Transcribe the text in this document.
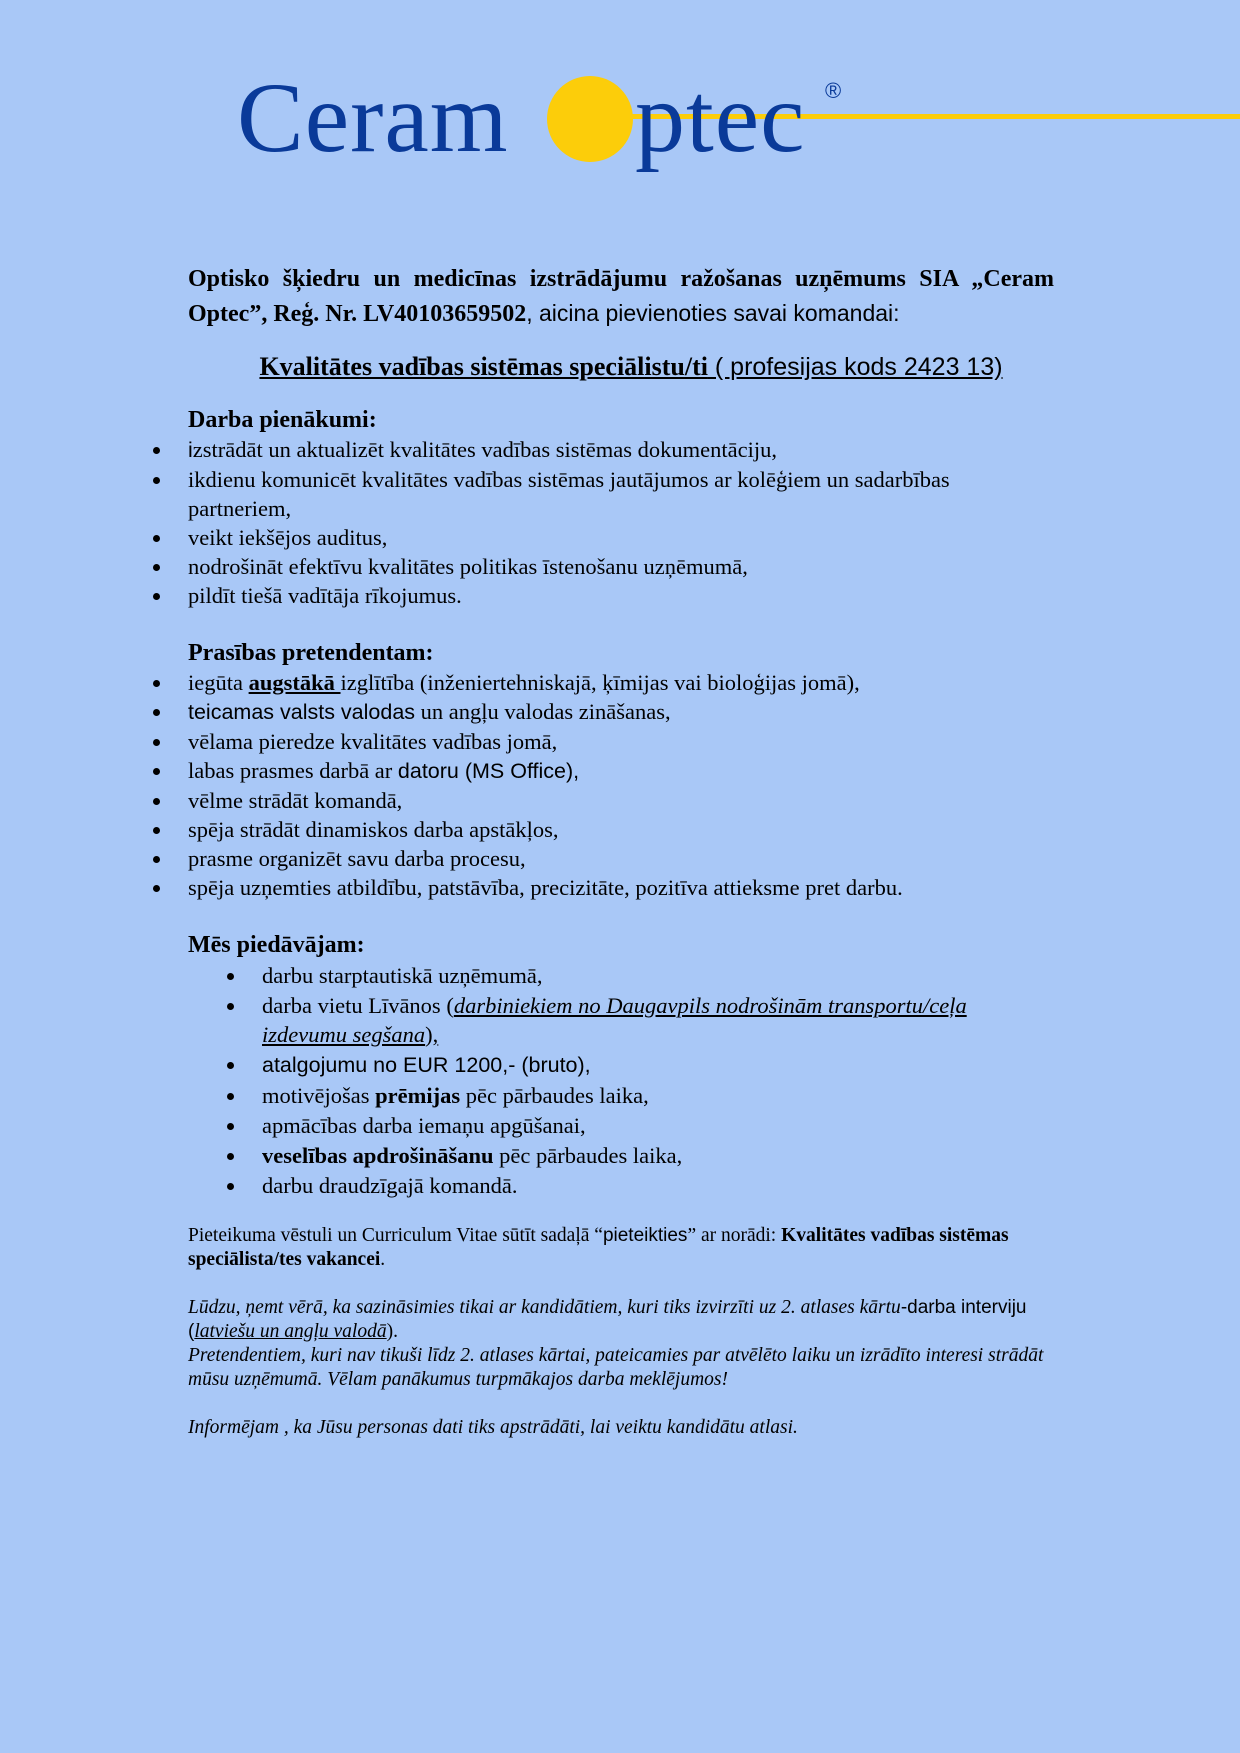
Ceram ptec ®

Optisko šķiedru un medicīnas izstrādājumu ražošanas uzņēmums SIA „Ceram Optec”, Reģ. Nr. LV40103659502, aicina pievienoties savai komandai:

Kvalitātes vadības sistēmas speciālistu/ti ( profesijas kods 2423 13)

Darba pienākumi:

izstrādāt un aktualizēt kvalitātes vadības sistēmas dokumentāciju,
ikdienu komunicēt kvalitātes vadības sistēmas jautājumos ar kolēģiem un sadarbības partneriem,
veikt iekšējos auditus,
nodrošināt efektīvu kvalitātes politikas īstenošanu uzņēmumā,
pildīt tiešā vadītāja rīkojumus.

Prasības pretendentam:

iegūta augstākā izglītība (inženiertehniskajā, ķīmijas vai bioloģijas jomā),
teicamas valsts valodas un angļu valodas zināšanas,
vēlama pieredze kvalitātes vadības jomā,
labas prasmes darbā ar datoru (MS Office),
vēlme strādāt komandā,
spēja strādāt dinamiskos darba apstākļos,
prasme organizēt savu darba procesu,
spēja uzņemties atbildību, patstāvība, precizitāte, pozitīva attieksme pret darbu.

Mēs piedāvājam:

darbu starptautiskā uzņēmumā,
darba vietu Līvānos (darbiniekiem no Daugavpils nodrošinām transportu/ceļa izdevumu segšana),
atalgojumu no EUR 1200,- (bruto),
motivējošas prēmijas pēc pārbaudes laika,
apmācības darba iemaņu apgūšanai,
veselības apdrošināšanu pēc pārbaudes laika,
darbu draudzīgajā komandā.

Pieteikuma vēstuli un Curriculum Vitae sūtīt sadaļā “pieteikties” ar norādi: Kvalitātes vadības sistēmas speciālista/tes vakancei.

Lūdzu, ņemt vērā, ka sazināsimies tikai ar kandidātiem, kuri tiks izvirzīti uz 2. atlases kārtu-darba interviju (latviešu un angļu valodā).
Pretendentiem, kuri nav tikuši līdz 2. atlases kārtai, pateicamies par atvēlēto laiku un izrādīto interesi strādāt mūsu uzņēmumā. Vēlam panākumus turpmākajos darba meklējumos!

Informējam , ka Jūsu personas dati tiks apstrādāti, lai veiktu kandidātu atlasi.
